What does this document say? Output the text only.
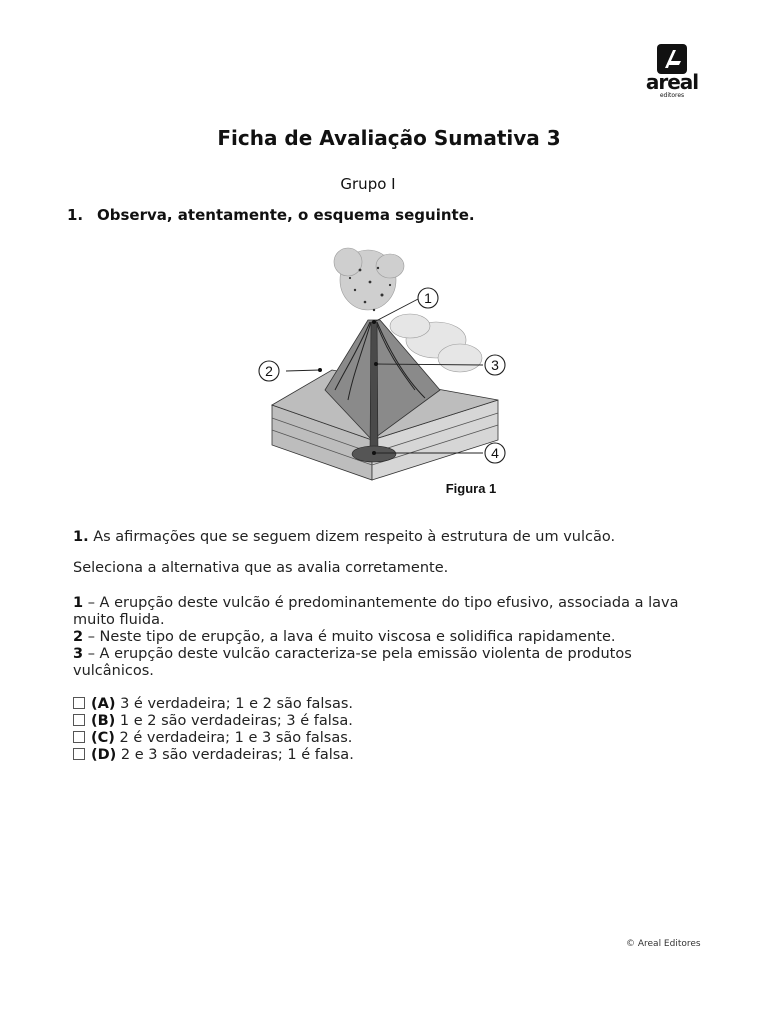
areal
editores
Ficha de Avaliação Sumativa 3
Grupo I
1. Observa, atentamente, o esquema seguinte.
1
2	3
4
Figura 1
1. As afirmações que se seguem dizem respeito à estrutura de um vulcão.
Seleciona a alternativa que as avalia corretamente.

1 – A erupção deste vulcão é predominantemente do tipo efusivo, associada a lava muito fluida.

2 – Neste tipo de erupção, a lava é muito viscosa e solidifica rapidamente.

3 – A erupção deste vulcão caracteriza-se pela emissão violenta de produtos vulcânicos.

(A) 3 é verdadeira; 1 e 2 são falsas.

(B) 1 e 2 são verdadeiras; 3 é falsa.

(C) 2 é verdadeira; 1 e 3 são falsas.

(D) 2 e 3 são verdadeiras; 1 é falsa.

© Areal Editores
